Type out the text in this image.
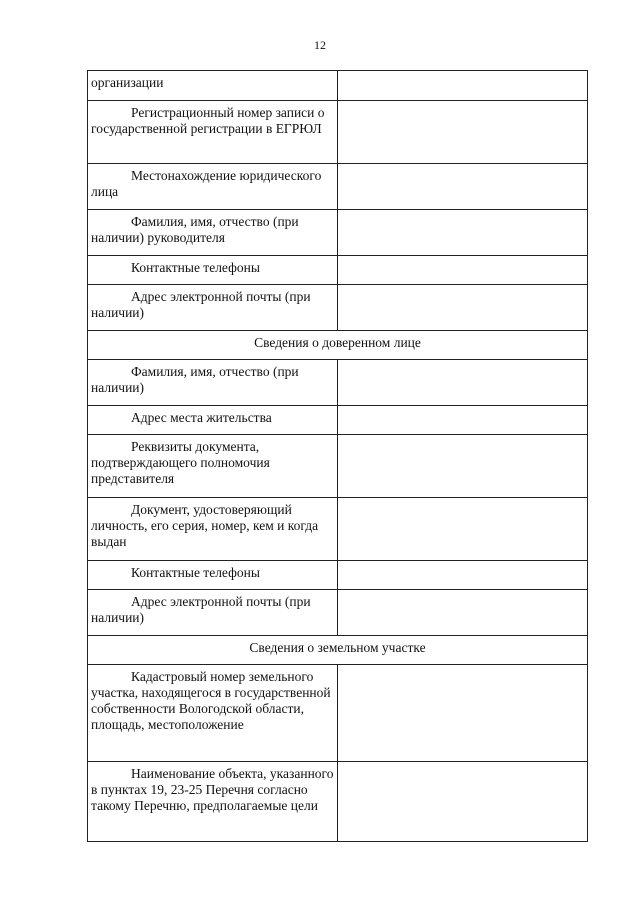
12
организации	

Регистрационный номер записи о государственной регистрации в ЕГРЮЛ	

Местонахождение юридического лица	

Фамилия, имя, отчество (при наличии) руководителя	

Контактные телефоны	

Адрес электронной почты (при наличии)	

Сведения о доверенном лице	

Фамилия, имя, отчество (при наличии)	

Адрес места жительства	

Реквизиты документа, подтверждающего полномочия представителя	

Документ, удостоверяющий личность, его серия, номер, кем и когда выдан	

Контактные телефоны	

Адрес электронной почты (при наличии)	

Сведения о земельном участке	

Кадастровый номер земельного участка, находящегося в государственной собственности Вологодской области, площадь, местоположение	

Наименование объекта, указанного в пунктах 19, 23-25 Перечня согласно такому Перечню, предполагаемые цели	
